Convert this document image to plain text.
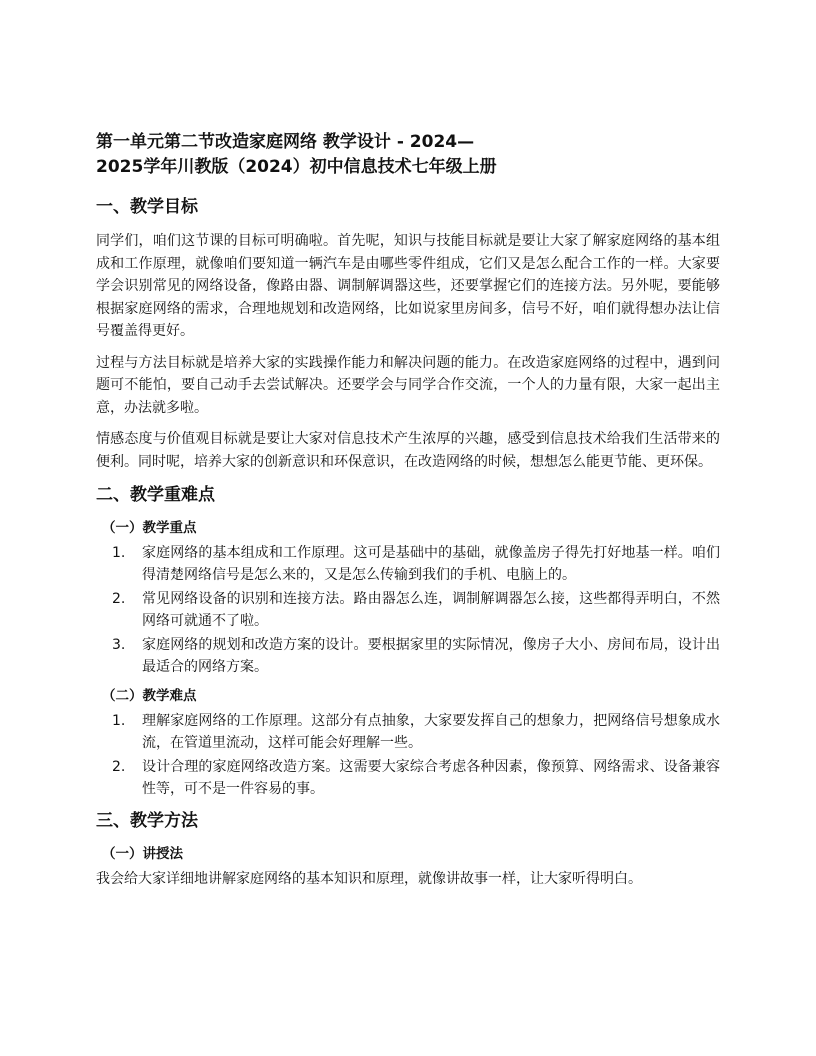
第一单元第二节改造家庭网络 教学设计 - 2024—
2025学年川教版（2024）初中信息技术七年级上册
一、教学目标

同学们，咱们这节课的目标可明确啦。首先呢，知识与技能目标就是要让大家了解家庭网络的基本组成和工作原理，就像咱们要知道一辆汽车是由哪些零件组成，它们又是怎么配合工作的一样。大家要学会识别常见的网络设备，像路由器、调制解调器这些，还要掌握它们的连接方法。另外呢，要能够根据家庭网络的需求，合理地规划和改造网络，比如说家里房间多，信号不好，咱们就得想办法让信号覆盖得更好。

过程与方法目标就是培养大家的实践操作能力和解决问题的能力。在改造家庭网络的过程中，遇到问题可不能怕，要自己动手去尝试解决。还要学会与同学合作交流，一个人的力量有限，大家一起出主意，办法就多啦。

情感态度与价值观目标就是要让大家对信息技术产生浓厚的兴趣，感受到信息技术给我们生活带来的便利。同时呢，培养大家的创新意识和环保意识，在改造网络的时候，想想怎么能更节能、更环保。

二、教学重难点
（一）教学重点
1. 家庭网络的基本组成和工作原理。这可是基础中的基础，就像盖房子得先打好地基一样。咱们得清楚网络信号是怎么来的，又是怎么传输到我们的手机、电脑上的。
2. 常见网络设备的识别和连接方法。路由器怎么连，调制解调器怎么接，这些都得弄明白，不然网络可就通不了啦。
3. 家庭网络的规划和改造方案的设计。要根据家里的实际情况，像房子大小、房间布局，设计出最适合的网络方案。
（二）教学难点
1. 理解家庭网络的工作原理。这部分有点抽象，大家要发挥自己的想象力，把网络信号想象成水流，在管道里流动，这样可能会好理解一些。
2. 设计合理的家庭网络改造方案。这需要大家综合考虑各种因素，像预算、网络需求、设备兼容性等，可不是一件容易的事。
三、教学方法
（一）讲授法

我会给大家详细地讲解家庭网络的基本知识和原理，就像讲故事一样，让大家听得明白。
